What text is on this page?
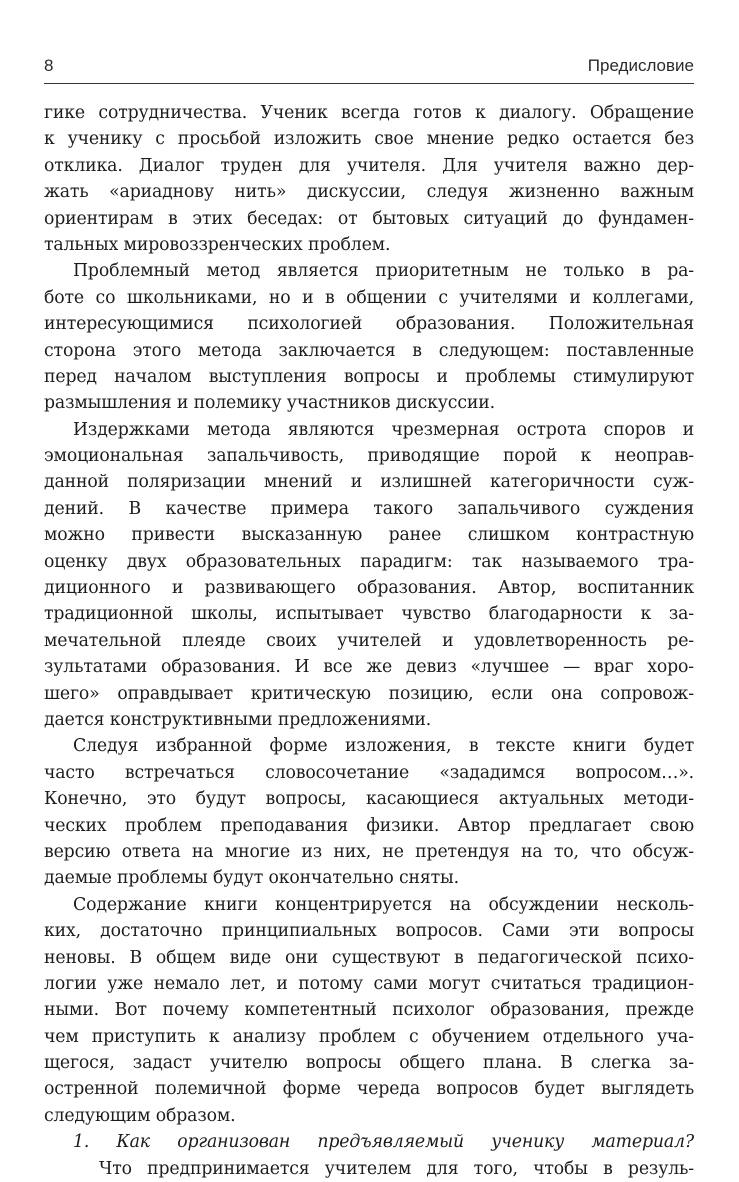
8	Предисловие
гике сотрудничества. Ученик всегда готов к диалогу. Обращение
к ученику с просьбой изложить свое мнение редко остается без
отклика. Диалог труден для учителя. Для учителя важно дер-
жать «ариаднову нить» дискуссии, следуя жизненно важным
ориентирам в этих беседах: от бытовых ситуаций до фундамен-
тальных мировоззренческих проблем.
Проблемный метод является приоритетным не только в ра-
боте со школьниками, но и в общении с учителями и коллегами,
интересующимися психологией образования. Положительная
сторона этого метода заключается в следующем: поставленные
перед началом выступления вопросы и проблемы стимулируют
размышления и полемику участников дискуссии.
Издержками метода являются чрезмерная острота споров и
эмоциональная запальчивость, приводящие порой к неоправ-
данной поляризации мнений и излишней категоричности суж-
дений. В качестве примера такого запальчивого суждения
можно привести высказанную ранее слишком контрастную
оценку двух образовательных парадигм: так называемого тра-
диционного и развивающего образования. Автор, воспитанник
традиционной школы, испытывает чувство благодарности к за-
мечательной плеяде своих учителей и удовлетворенность ре-
зультатами образования. И все же девиз «лучшее — враг хоро-
шего» оправдывает критическую позицию, если она сопровож-
дается конструктивными предложениями.
Следуя избранной форме изложения, в тексте книги будет
часто встречаться словосочетание «зададимся вопросом…».
Конечно, это будут вопросы, касающиеся актуальных методи-
ческих проблем преподавания физики. Автор предлагает свою
версию ответа на многие из них, не претендуя на то, что обсуж-
даемые проблемы будут окончательно сняты.
Содержание книги концентрируется на обсуждении несколь-
ких, достаточно принципиальных вопросов. Сами эти вопросы
неновы. В общем виде они существуют в педагогической психо-
логии уже немало лет, и потому сами могут считаться традицион-
ными. Вот почему компетентный психолог образования, прежде
чем приступить к анализу проблем с обучением отдельного уча-
щегося, задаст учителю вопросы общего плана. В слегка за-
остренной полемичной форме череда вопросов будет выглядеть
следующим образом.
1. Как организован предъявляемый ученику материал?
Что предпринимается учителем для того, чтобы в резуль-
